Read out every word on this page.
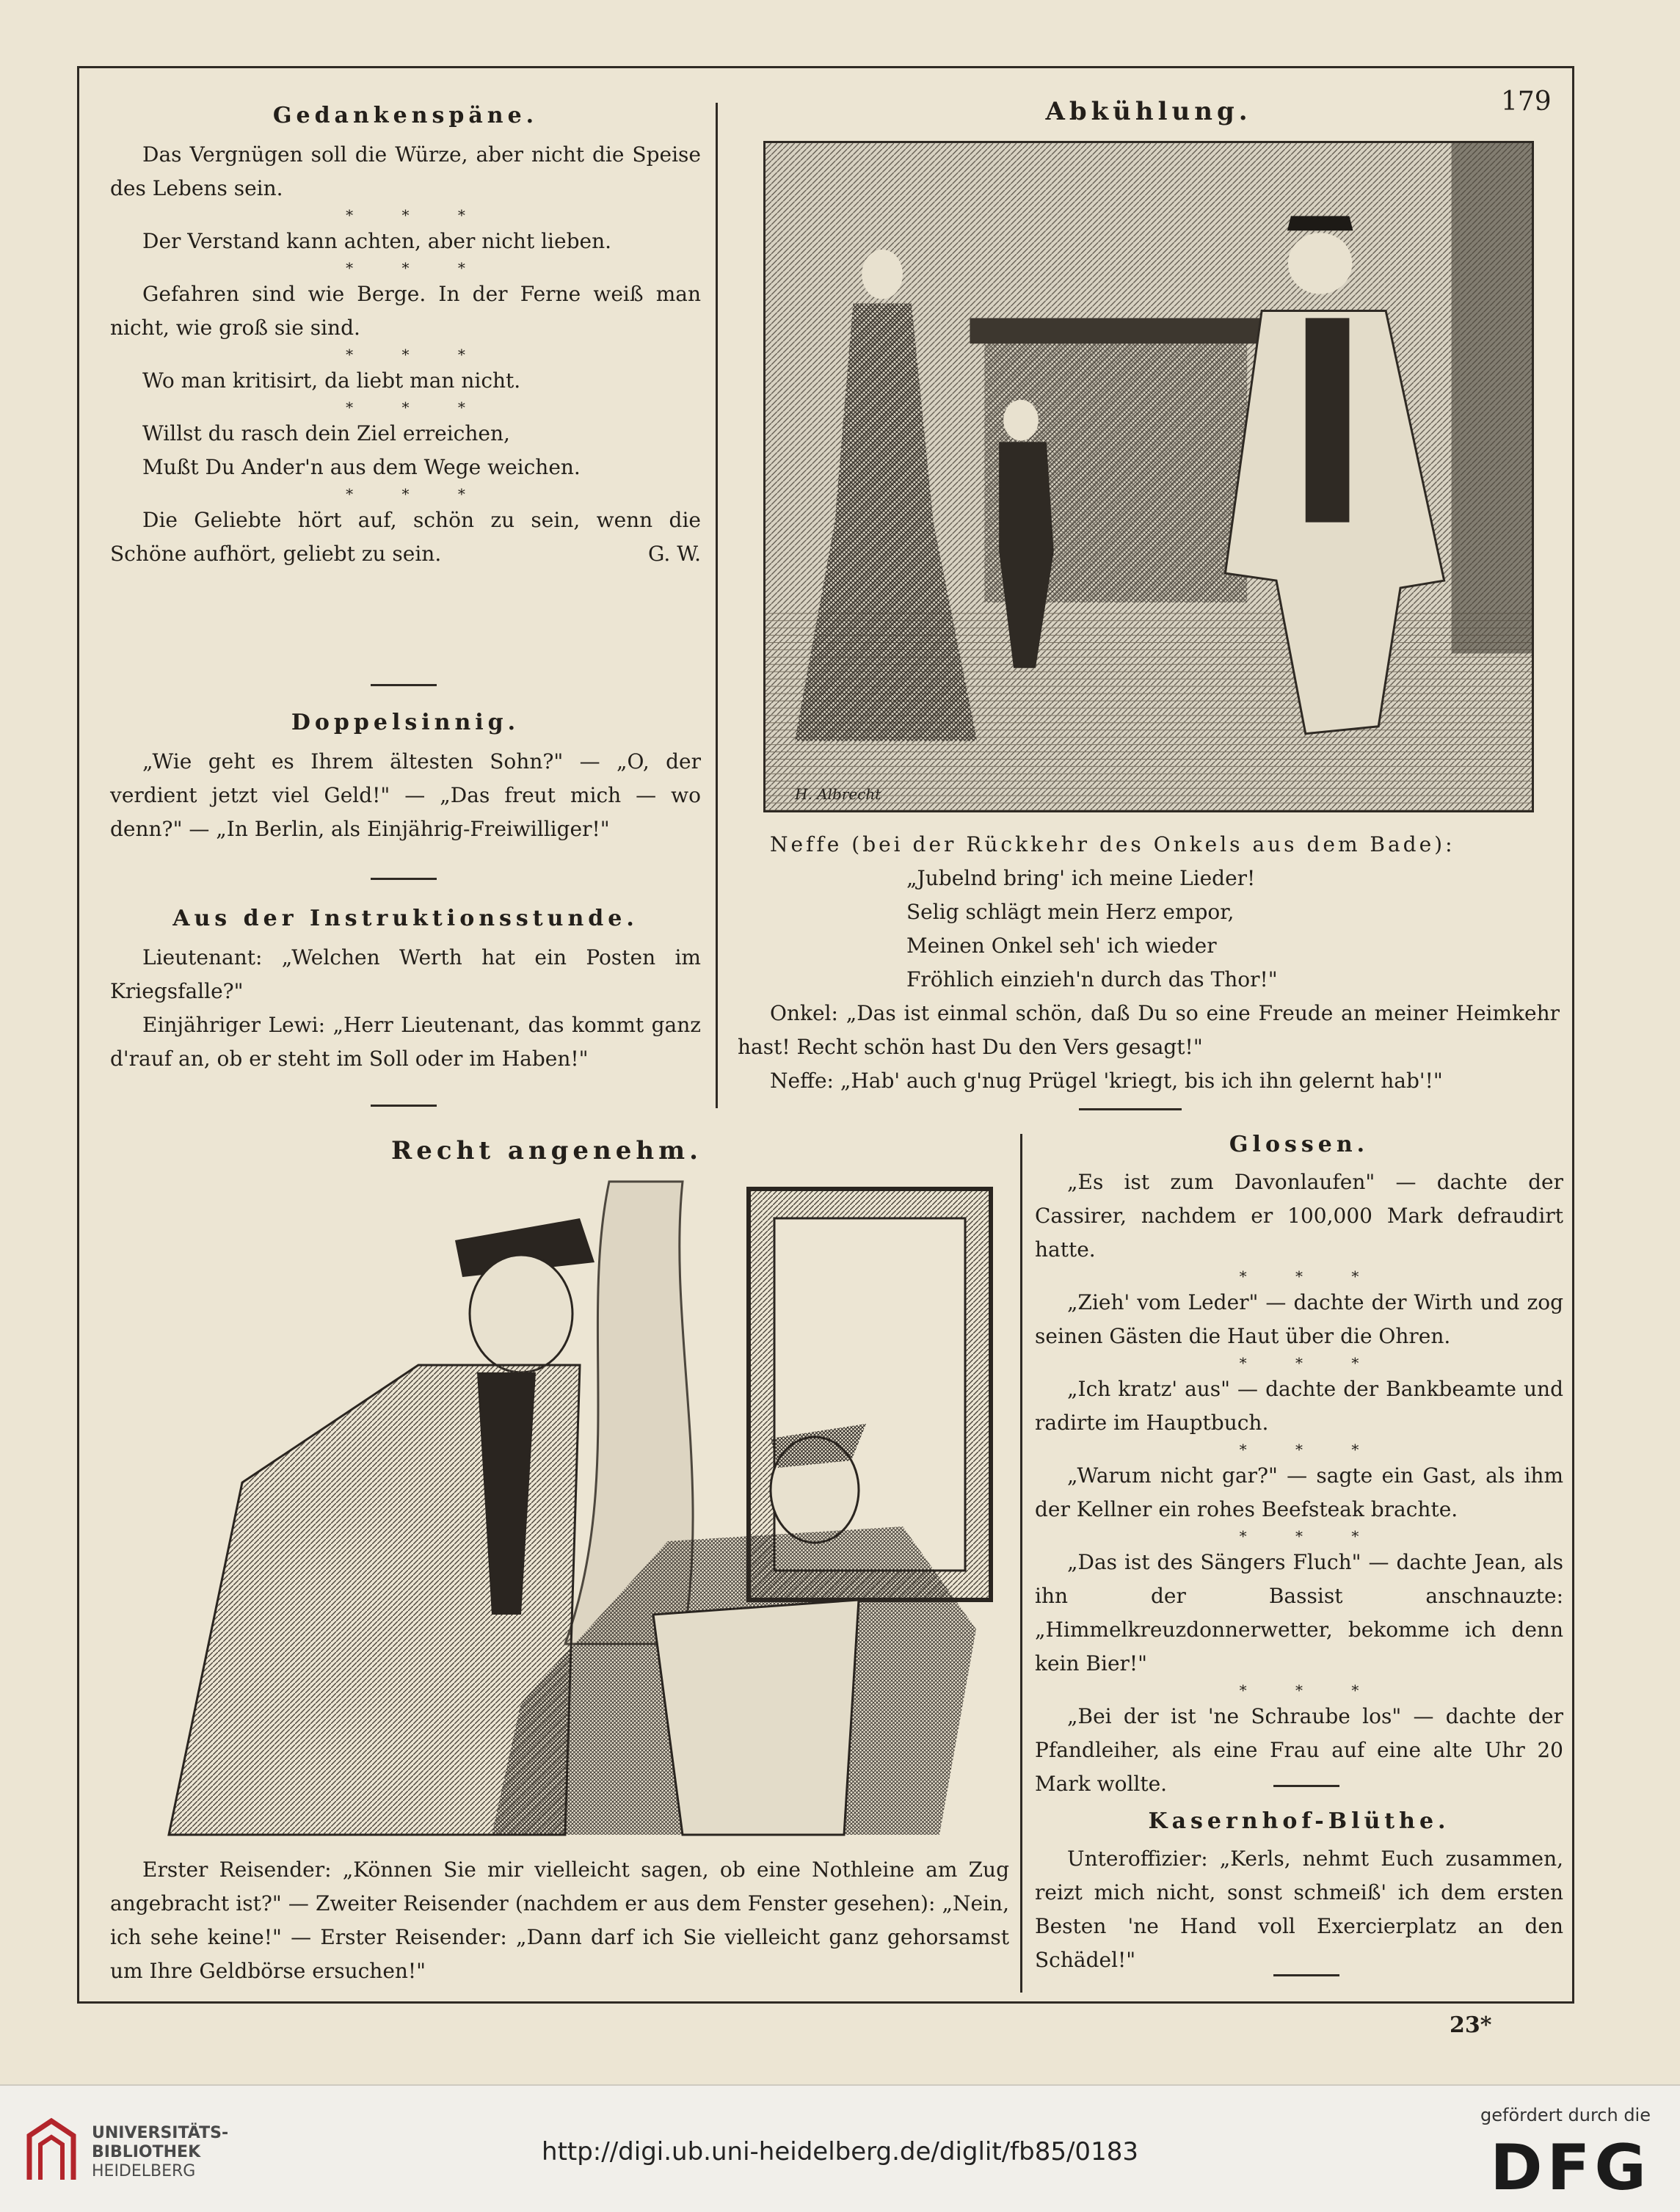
179

Gedankenspäne.

Das Vergnügen soll die Würze, aber nicht die Speise des Lebens sein.

* * *

Der Verstand kann achten, aber nicht lieben.

* * *

Gefahren sind wie Berge. In der Ferne weiß man nicht, wie groß sie sind.

* * *

Wo man kritisirt, da liebt man nicht.

* * *

Willst du rasch dein Ziel erreichen,

Mußt Du Ander'n aus dem Wege weichen.

* * *

Die Geliebte hört auf, schön zu sein, wenn die Schöne aufhört, geliebt zu sein.	G. W.

Doppelsinnig.

„Wie geht es Ihrem ältesten Sohn?" — „O, der verdient jetzt viel Geld!" — „Das freut mich — wo denn?" — „In Berlin, als Einjährig-Freiwilliger!"

Aus der Instruktionsstunde.

Lieutenant: „Welchen Werth hat ein Posten im Kriegsfalle?"

Einjähriger Lewi: „Herr Lieutenant, das kommt ganz d'rauf an, ob er steht im Soll oder im Haben!"

Abkühlung.

H. Albrecht

Neffe (bei der Rückkehr des Onkels aus dem Bade):

„Jubelnd bring' ich meine Lieder!

Selig schlägt mein Herz empor,

Meinen Onkel seh' ich wieder

Fröhlich einzieh'n durch das Thor!"

Onkel: „Das ist einmal schön, daß Du so eine Freude an meiner Heimkehr hast! Recht schön hast Du den Vers gesagt!"

Neffe: „Hab' auch g'nug Prügel 'kriegt, bis ich ihn gelernt hab'!"

Recht angenehm.

Erster Reisender: „Können Sie mir vielleicht sagen, ob eine Nothleine am Zug angebracht ist?" — Zweiter Reisender (nachdem er aus dem Fenster gesehen): „Nein, ich sehe keine!" — Erster Reisender: „Dann darf ich Sie vielleicht ganz gehorsamst um Ihre Geldbörse ersuchen!"

Glossen.

„Es ist zum Davonlaufen" — dachte der Cassirer, nachdem er 100,000 Mark defraudirt hatte.

* * *

„Zieh' vom Leder" — dachte der Wirth und zog seinen Gästen die Haut über die Ohren.

* * *

„Ich kratz' aus" — dachte der Bankbeamte und radirte im Hauptbuch.

* * *

„Warum nicht gar?" — sagte ein Gast, als ihm der Kellner ein rohes Beefsteak brachte.

* * *

„Das ist des Sängers Fluch" — dachte Jean, als ihn der Bassist anschnauzte: „Himmelkreuzdonnerwetter, bekomme ich denn kein Bier!"

* * *

„Bei der ist 'ne Schraube los" — dachte der Pfandleiher, als eine Frau auf eine alte Uhr 20 Mark wollte.

Kasernhof-Blüthe.

Unteroffizier: „Kerls, nehmt Euch zusammen, reizt mich nicht, sonst schmeiß' ich dem ersten Besten 'ne Hand voll Exercierplatz an den Schädel!"

23*
UNIVERSITÄTS-
BIBLIOTHEK
HEIDELBERG
http://digi.ub.uni-heidelberg.de/diglit/fb85/0183
gefördert durch die
DFG
